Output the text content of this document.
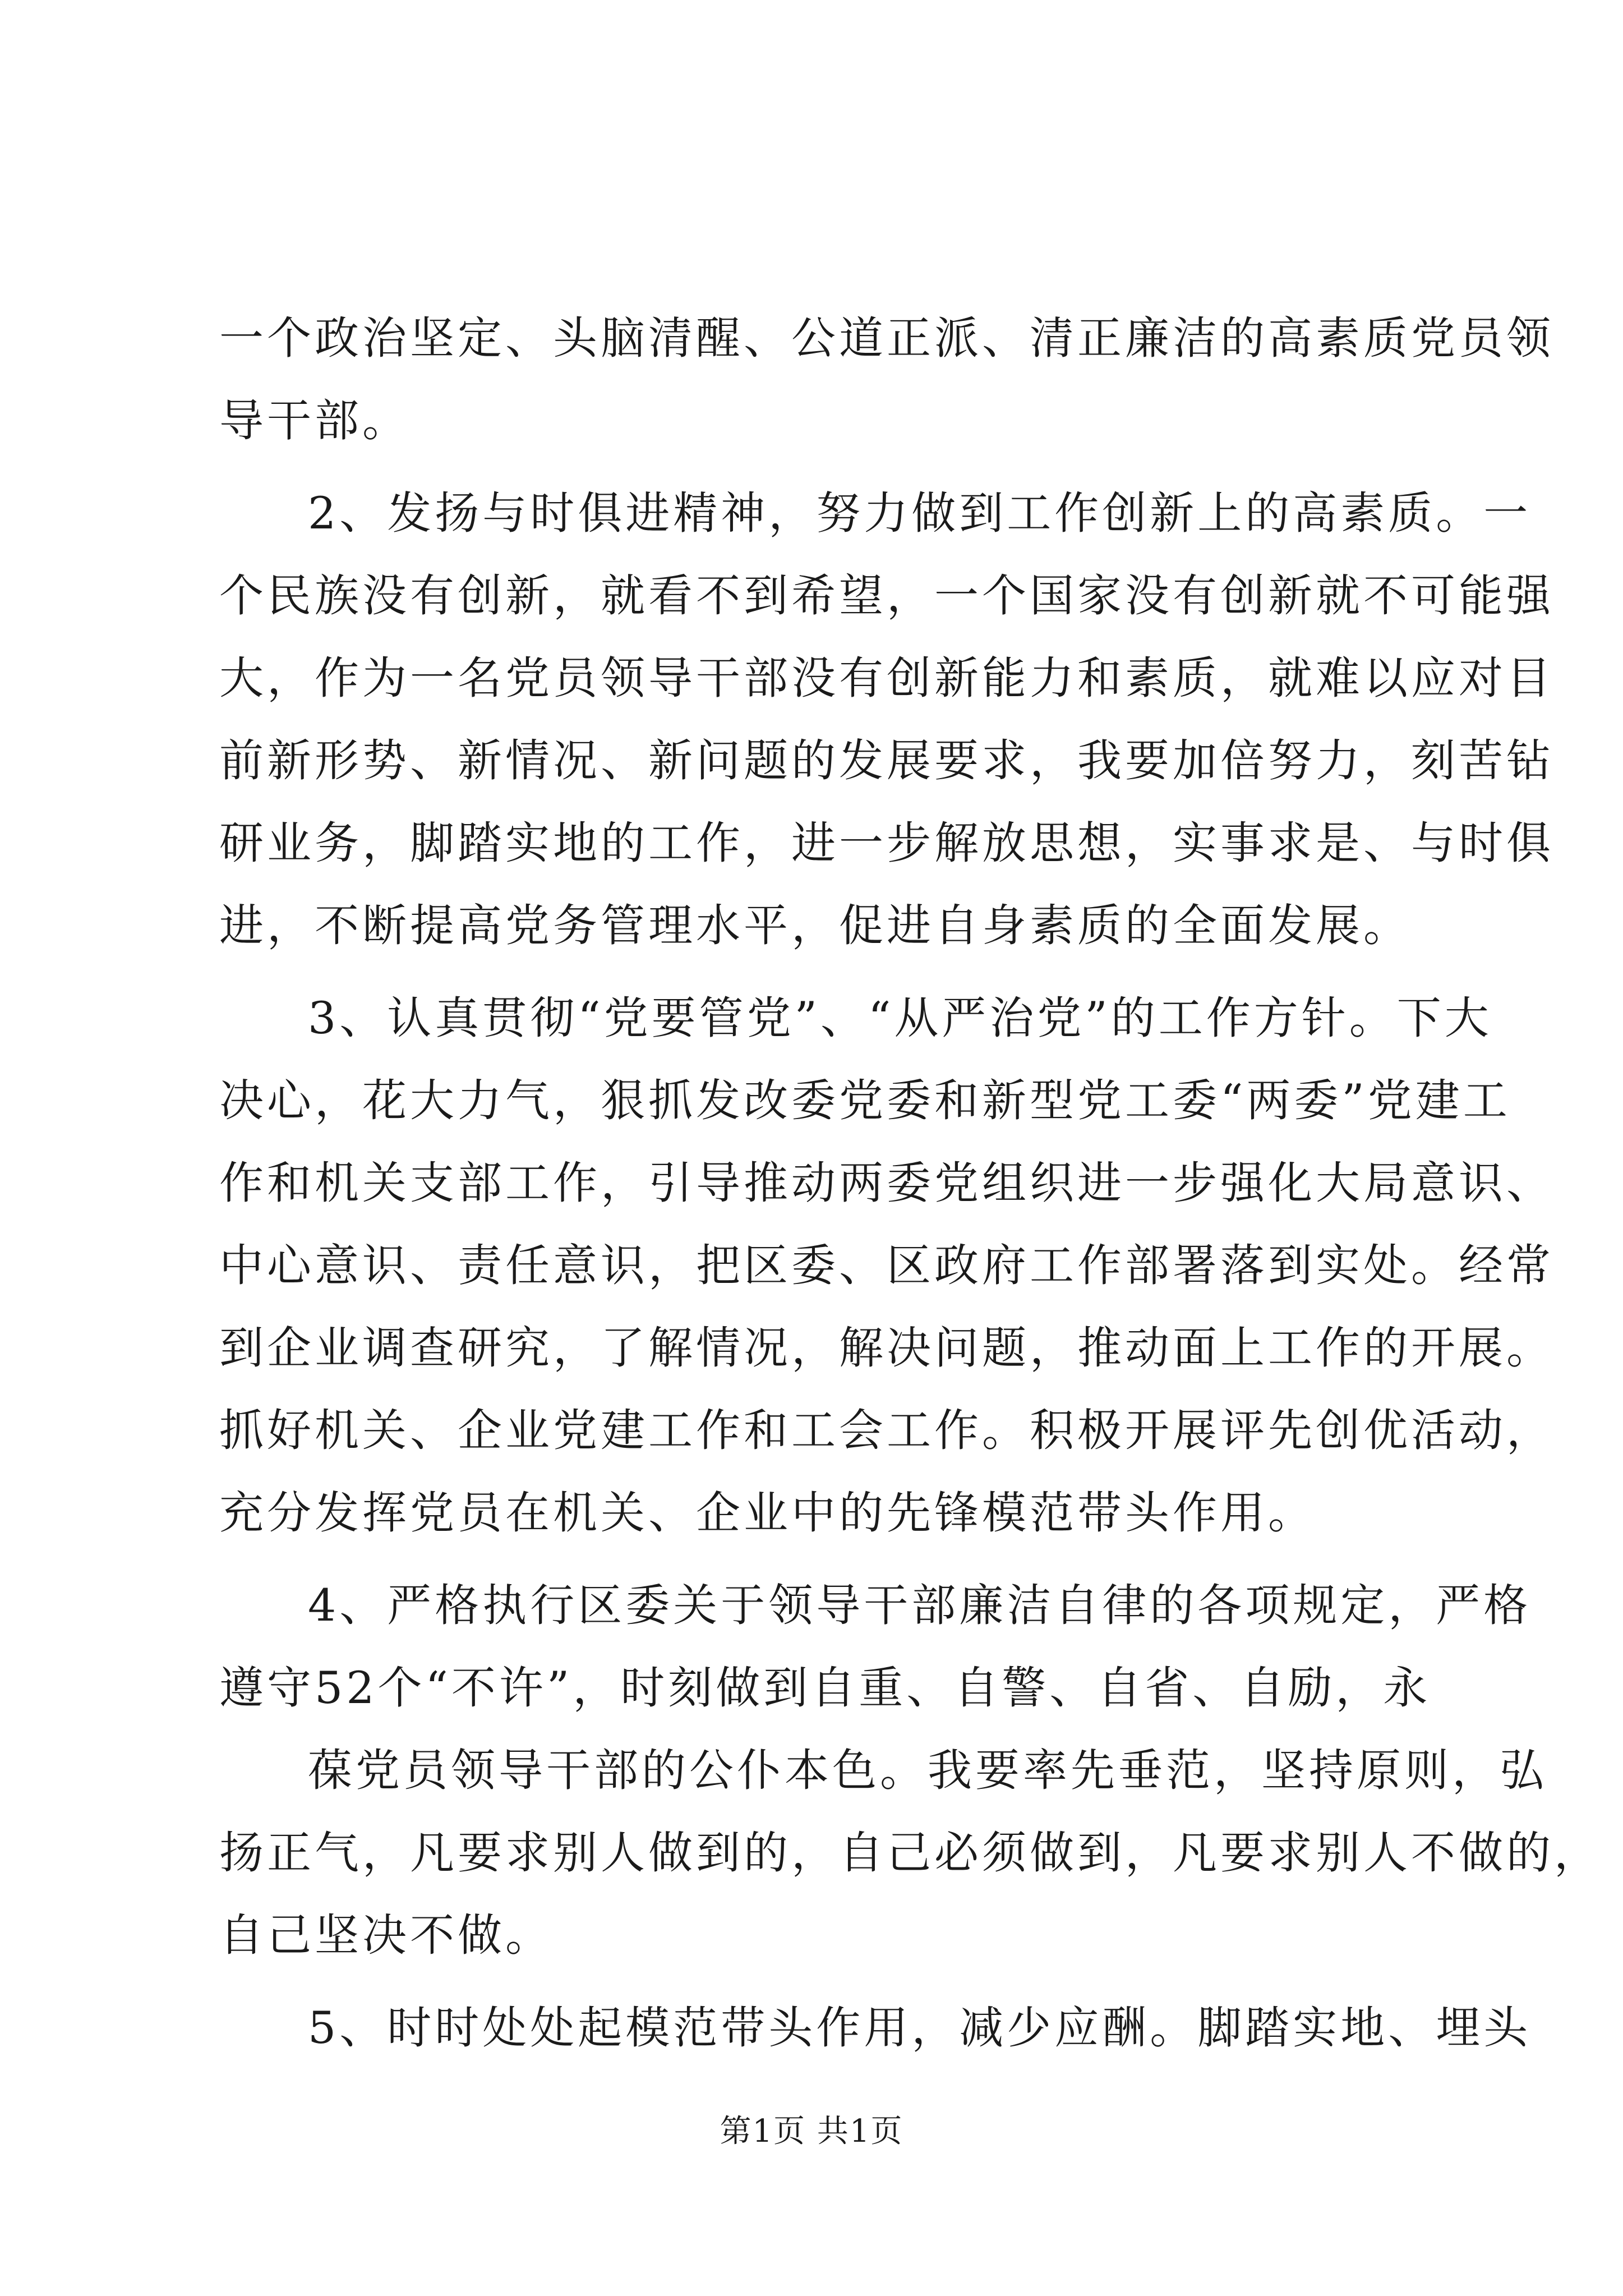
一个政治坚定、头脑清醒、公道正派、清正廉洁的高素质党员领
导干部。
2、发扬与时俱进精神，努力做到工作创新上的高素质。一
个民族没有创新，就看不到希望，一个国家没有创新就不可能强
大，作为一名党员领导干部没有创新能力和素质，就难以应对目
前新形势、新情况、新问题的发展要求，我要加倍努力，刻苦钻
研业务，脚踏实地的工作，进一步解放思想，实事求是、与时俱
进，不断提高党务管理水平，促进自身素质的全面发展。
3、认真贯彻“党要管党”、“从严治党”的工作方针。下大
决心，花大力气，狠抓发改委党委和新型党工委“两委”党建工
作和机关支部工作，引导推动两委党组织进一步强化大局意识、
中心意识、责任意识，把区委、区政府工作部署落到实处。经常
到企业调查研究，了解情况，解决问题，推动面上工作的开展。
抓好机关、企业党建工作和工会工作。积极开展评先创优活动，
充分发挥党员在机关、企业中的先锋模范带头作用。
4、严格执行区委关于领导干部廉洁自律的各项规定，严格
遵守52个“不许”，时刻做到自重、自警、自省、自励，永
葆党员领导干部的公仆本色。我要率先垂范，坚持原则，弘
扬正气，凡要求别人做到的，自己必须做到，凡要求别人不做的，
自己坚决不做。
5、时时处处起模范带头作用，减少应酬。脚踏实地、埋头
第1页 共1页
